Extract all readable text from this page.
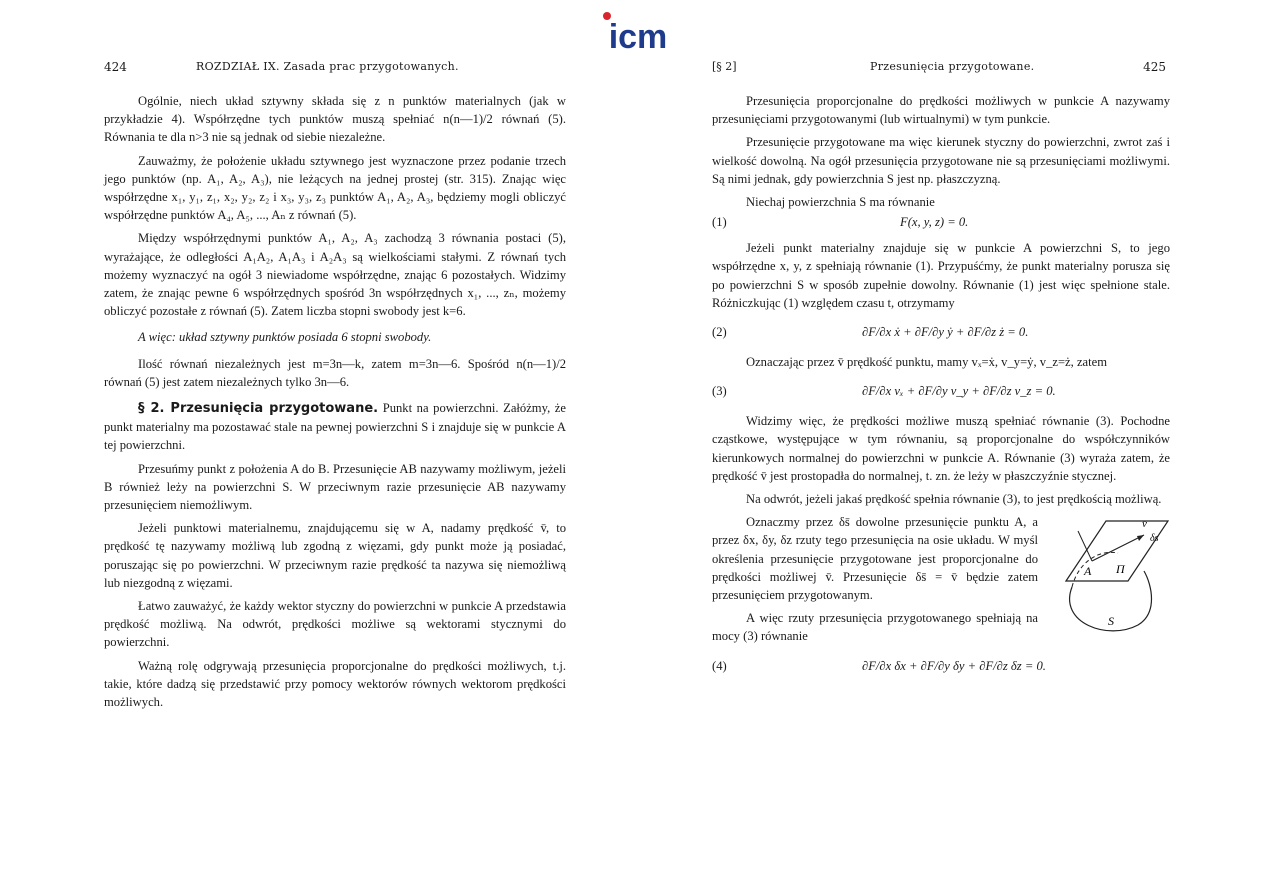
icm
424	ROZDZIAŁ IX. Zasada prac przygotowanych.

Ogólnie, niech układ sztywny składa się z n punktów materialnych (jak w przykładzie 4). Współrzędne tych punktów muszą spełniać n(n—1)/2 równań (5). Równania te dla n>3 nie są jednak od siebie niezależne.

Zauważmy, że położenie układu sztywnego jest wyznaczone przez podanie trzech jego punktów (np. A₁, A₂, A₃), nie leżących na jednej prostej (str. 315). Znając więc współrzędne x₁, y₁, z₁, x₂, y₂, z₂ i x₃, y₃, z₃ punktów A₁, A₂, A₃, będziemy mogli obliczyć współrzędne punktów A₄, A₅, ..., Aₙ z równań (5).

Między współrzędnymi punktów A₁, A₂, A₃ zachodzą 3 równania postaci (5), wyrażające, że odległości A₁A₂, A₁A₃ i A₂A₃ są wielkościami stałymi. Z równań tych możemy wyznaczyć na ogół 3 niewiadome współrzędne, znając 6 pozostałych. Widzimy zatem, że znając pewne 6 współrzędnych spośród 3n współrzędnych x₁, ..., zₙ, możemy obliczyć pozostałe z równań (5). Zatem liczba stopni swobody jest k=6.

A więc: układ sztywny punktów posiada 6 stopni swobody.

Ilość równań niezależnych jest m=3n—k, zatem m=3n—6. Spośród n(n—1)/2 równań (5) jest zatem niezależnych tylko 3n—6.

§ 2. Przesunięcia przygotowane. Punkt na powierzchni. Załóżmy, że punkt materialny ma pozostawać stale na pewnej powierzchni S i znajduje się w punkcie A tej powierzchni.

Przesuńmy punkt z położenia A do B. Przesunięcie AB nazywamy możliwym, jeżeli B również leży na powierzchni S. W przeciwnym razie przesunięcie AB nazywamy przesunięciem niemożliwym.

Jeżeli punktowi materialnemu, znajdującemu się w A, nadamy prędkość v̄, to prędkość tę nazywamy możliwą lub zgodną z więzami, gdy punkt może ją posiadać, poruszając się po powierzchni. W przeciwnym razie prędkość ta nazywa się niemożliwą lub niezgodną z więzami.

Łatwo zauważyć, że każdy wektor styczny do powierzchni w punkcie A przedstawia prędkość możliwą. Na odwrót, prędkości możliwe są wektorami stycznymi do powierzchni.

Ważną rolę odgrywają przesunięcia proporcjonalne do prędkości możliwych, t.j. takie, które dadzą się przedstawić przy pomocy wektorów równych wektorom prędkości możliwych.

[§ 2]	Przesunięcia przygotowane.	425

Przesunięcia proporcjonalne do prędkości możliwych w punkcie A nazywamy przesunięciami przygotowanymi (lub wirtualnymi) w tym punkcie.

Przesunięcie przygotowane ma więc kierunek styczny do powierzchni, zwrot zaś i wielkość dowolną. Na ogół przesunięcia przygotowane nie są przesunięciami możliwymi. Są nimi jednak, gdy powierzchnia S jest np. płaszczyzną.

Niechaj powierzchnia S ma równanie

(1)	F(x, y, z) = 0.

Jeżeli punkt materialny znajduje się w punkcie A powierzchni S, to jego współrzędne x, y, z spełniają równanie (1). Przypuśćmy, że punkt materialny porusza się po powierzchni S w sposób zupełnie dowolny. Równanie (1) jest więc spełnione stale. Różniczkując (1) względem czasu t, otrzymamy

(2)	∂F/∂x ẋ + ∂F/∂y ẏ + ∂F/∂z ż = 0.

Oznaczając przez v̄ prędkość punktu, mamy vₓ=ẋ, v_y=ẏ, v_z=ż, zatem

(3)	∂F/∂x vₓ + ∂F/∂y v_y + ∂F/∂z v_z = 0.

Widzimy więc, że prędkości możliwe muszą spełniać równanie (3). Pochodne cząstkowe, występujące w tym równaniu, są proporcjonalne do współczynników kierunkowych normalnej do powierzchni w punkcie A. Równanie (3) wyraża zatem, że prędkość v̄ jest prostopadła do normalnej, t. zn. że leży w płaszczyźnie stycznej.

Na odwrót, jeżeli jakaś prędkość spełnia równanie (3), to jest prędkością możliwą.

v̄
δs
A Π
S

Oznaczmy przez δs̄ dowolne przesunięcie punktu A, a przez δx, δy, δz rzuty tego przesunięcia na osie układu. W myśl określenia przesunięcie przygotowane jest proporcjonalne do prędkości możliwej v̄. Przesunięcie δs̄ = v̄ będzie zatem przesunięciem przygotowanym.

A więc rzuty przesunięcia przygotowanego spełniają na mocy (3) równanie

(4)	∂F/∂x δx + ∂F/∂y δy + ∂F/∂z δz = 0.
